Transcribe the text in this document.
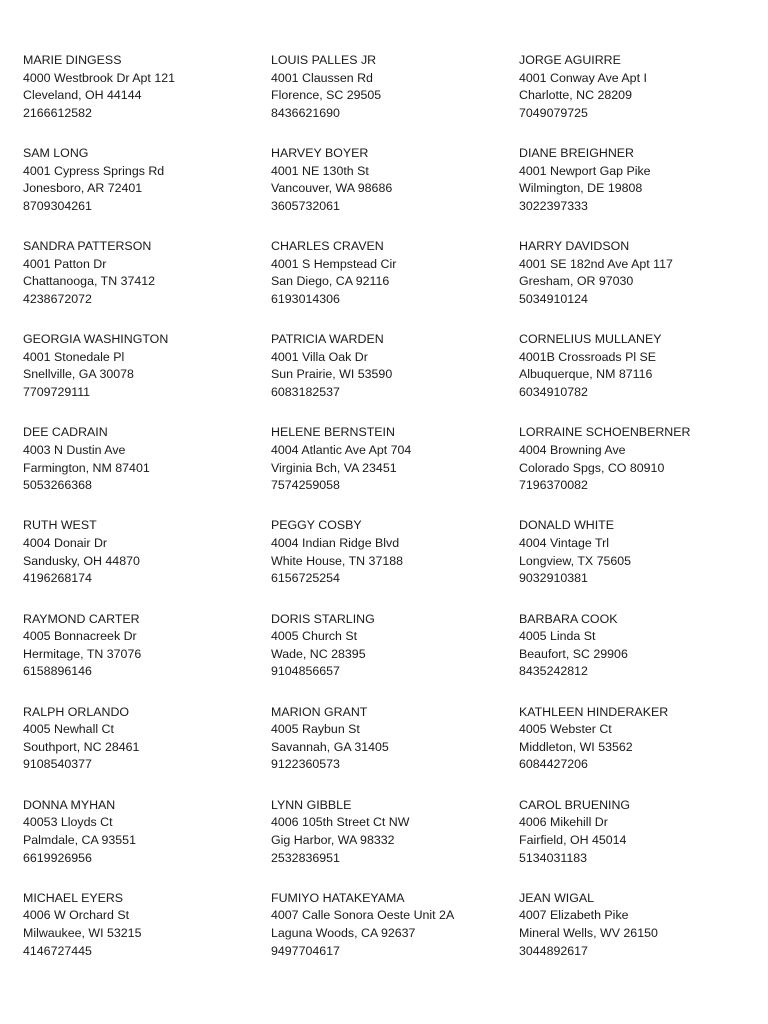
MARIE DINGESS
4000 Westbrook Dr Apt 121
Cleveland, OH 44144
2166612582
LOUIS PALLES JR
4001 Claussen Rd
Florence, SC 29505
8436621690
JORGE AGUIRRE
4001 Conway Ave Apt I
Charlotte, NC 28209
7049079725
SAM LONG
4001 Cypress Springs Rd
Jonesboro, AR 72401
8709304261
HARVEY BOYER
4001 NE 130th St
Vancouver, WA 98686
3605732061
DIANE BREIGHNER
4001 Newport Gap Pike
Wilmington, DE 19808
3022397333
SANDRA PATTERSON
4001 Patton Dr
Chattanooga, TN 37412
4238672072
CHARLES CRAVEN
4001 S Hempstead Cir
San Diego, CA 92116
6193014306
HARRY DAVIDSON
4001 SE 182nd Ave Apt 117
Gresham, OR 97030
5034910124
GEORGIA WASHINGTON
4001 Stonedale Pl
Snellville, GA 30078
7709729111
PATRICIA WARDEN
4001 Villa Oak Dr
Sun Prairie, WI 53590
6083182537
CORNELIUS MULLANEY
4001B Crossroads Pl SE
Albuquerque, NM 87116
6034910782
DEE CADRAIN
4003 N Dustin Ave
Farmington, NM 87401
5053266368
HELENE BERNSTEIN
4004 Atlantic Ave Apt 704
Virginia Bch, VA 23451
7574259058
LORRAINE SCHOENBERNER
4004 Browning Ave
Colorado Spgs, CO 80910
7196370082
RUTH WEST
4004 Donair Dr
Sandusky, OH 44870
4196268174
PEGGY COSBY
4004 Indian Ridge Blvd
White House, TN 37188
6156725254
DONALD WHITE
4004 Vintage Trl
Longview, TX 75605
9032910381
RAYMOND CARTER
4005 Bonnacreek Dr
Hermitage, TN 37076
6158896146
DORIS STARLING
4005 Church St
Wade, NC 28395
9104856657
BARBARA COOK
4005 Linda St
Beaufort, SC 29906
8435242812
RALPH ORLANDO
4005 Newhall Ct
Southport, NC 28461
9108540377
MARION GRANT
4005 Raybun St
Savannah, GA 31405
9122360573
KATHLEEN HINDERAKER
4005 Webster Ct
Middleton, WI 53562
6084427206
DONNA MYHAN
40053 Lloyds Ct
Palmdale, CA 93551
6619926956
LYNN GIBBLE
4006 105th Street Ct NW
Gig Harbor, WA 98332
2532836951
CAROL BRUENING
4006 Mikehill Dr
Fairfield, OH 45014
5134031183
MICHAEL EYERS
4006 W Orchard St
Milwaukee, WI 53215
4146727445
FUMIYO HATAKEYAMA
4007 Calle Sonora Oeste Unit 2A
Laguna Woods, CA 92637
9497704617
JEAN WIGAL
4007 Elizabeth Pike
Mineral Wells, WV 26150
3044892617
